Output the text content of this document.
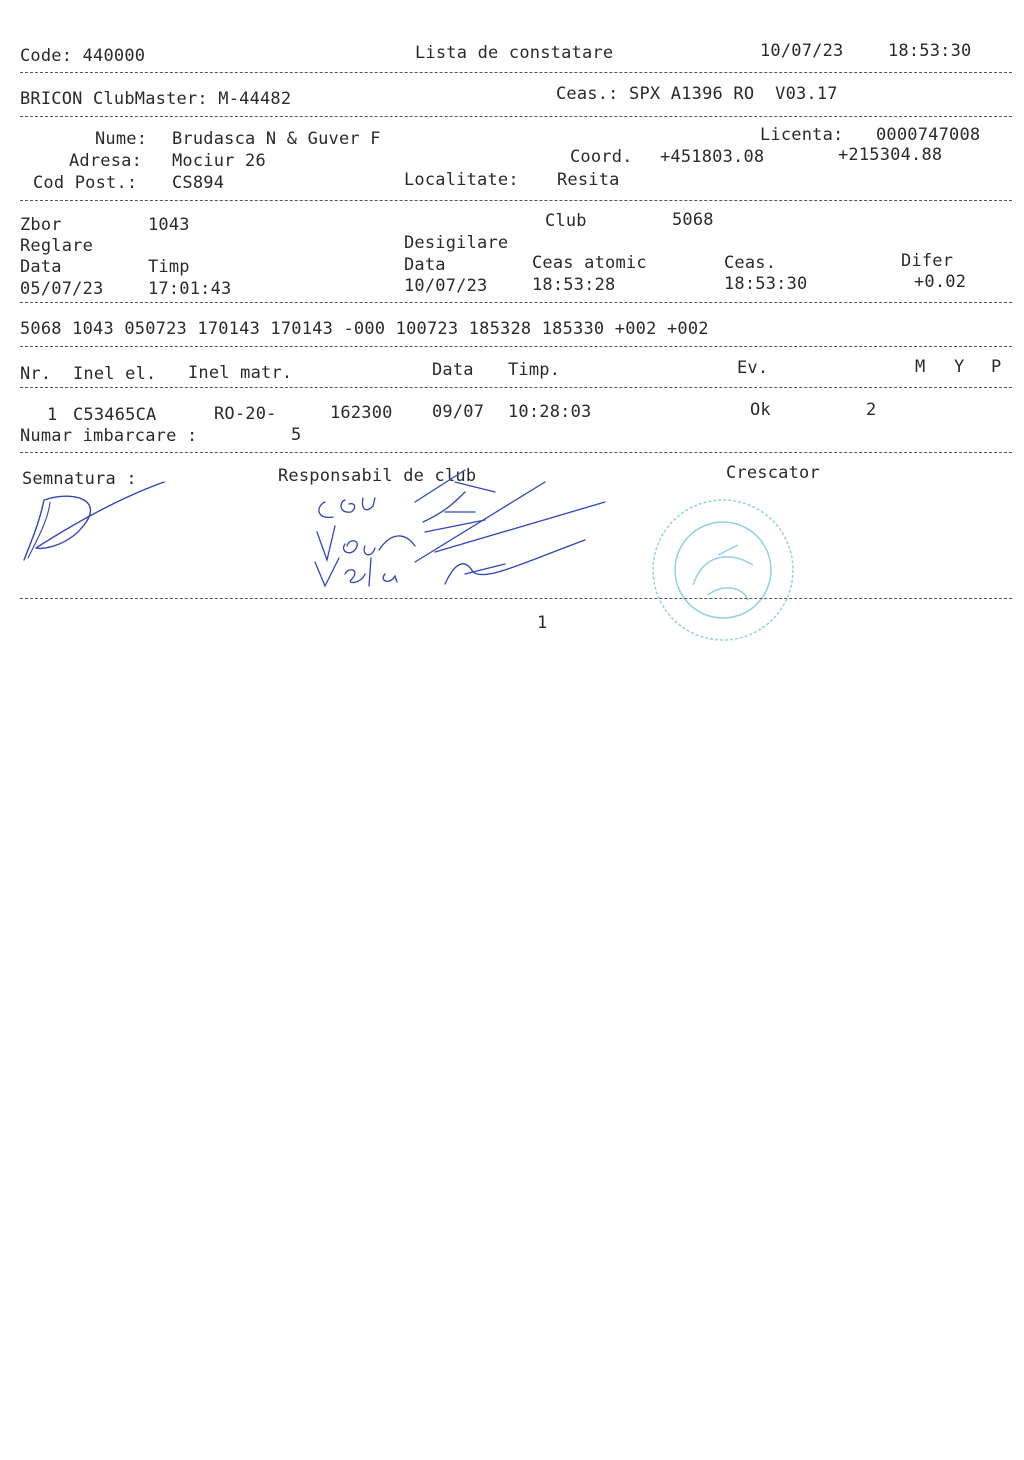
Code: 440000	Lista de constatare	10/07/23	18:53:30
BRICON ClubMaster: M-44482	Ceas.: SPX A1396 RO  V03.17
Nume: Brudasca N & Guver F	Licenta: 0000747008
Adresa: Mociur 26	Coord. +451803.08	+215304.88
Cod Post.: CS894	Localitate: Resita
Zbor	1043	Club	5068
Reglare	Desigilare
Data	Timp	Data	Ceas atomic	Ceas.	Difer
05/07/23	17:01:43	10/07/23	18:53:28	18:53:30	+0.02
5068 1043 050723 170143 170143 -000 100723 185328 185330 +002 +002
Nr. Inel el. Inel matr.	Data Timp.	Ev.	M Y P
1 C53465CA	RO-20-	162300 09/07 10:28:03	Ok	2
Numar imbarcare :	5
Semnatura :	Responsabil de club	Crescator
1
